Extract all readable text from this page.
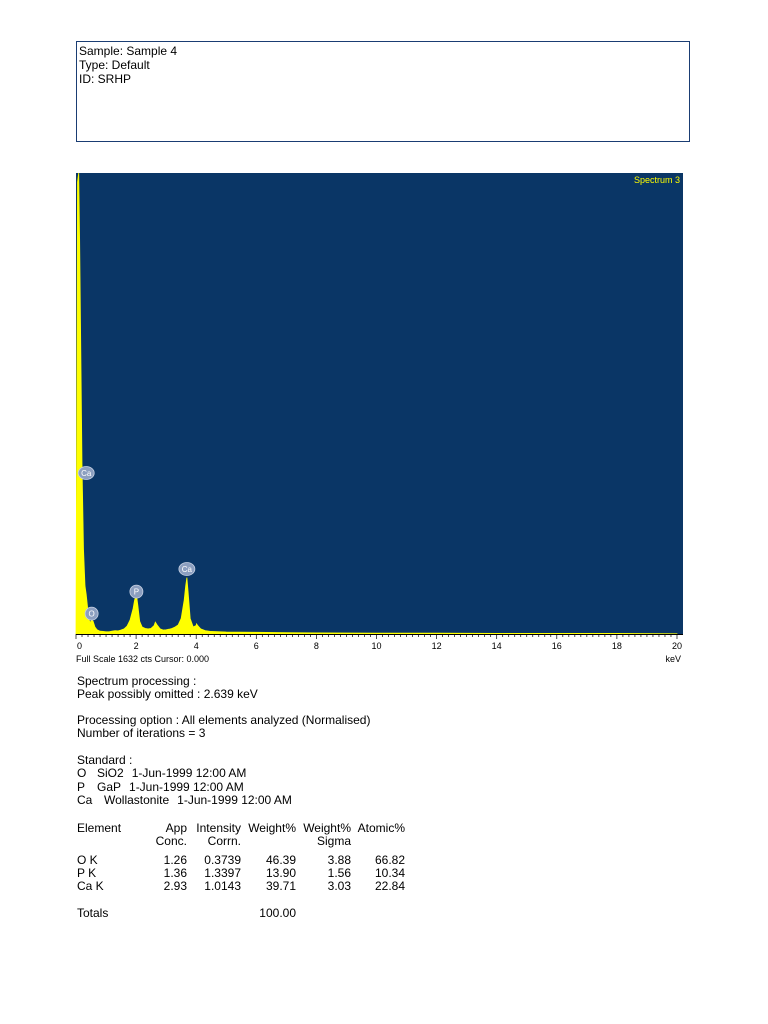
Sample: Sample 4
Type: Default
ID: SRHP
Ca
O
P
Ca
0	2	4	6	8	10	12	14	16	18	20
Spectrum 3
keV
Full Scale 1632 cts Cursor: 0.000
Spectrum processing :
Peak possibly omitted : 2.639 keV
Processing option : All elements analyzed (Normalised)
Number of iterations = 3
Standard :
O SiO2 1-Jun-1999 12:00 AM
P GaP 1-Jun-1999 12:00 AM
Ca Wollastonite 1-Jun-1999 12:00 AM
Element	App	Intensity	Weight%	Weight%	Atomic%
	Conc.	Corrn.		Sigma	

O K	1.26	0.3739	46.39	3.88	66.82
P K	1.36	1.3397	13.90	1.56	10.34
Ca K	2.93	1.0143	39.71	3.03	22.84

Totals			100.00		
